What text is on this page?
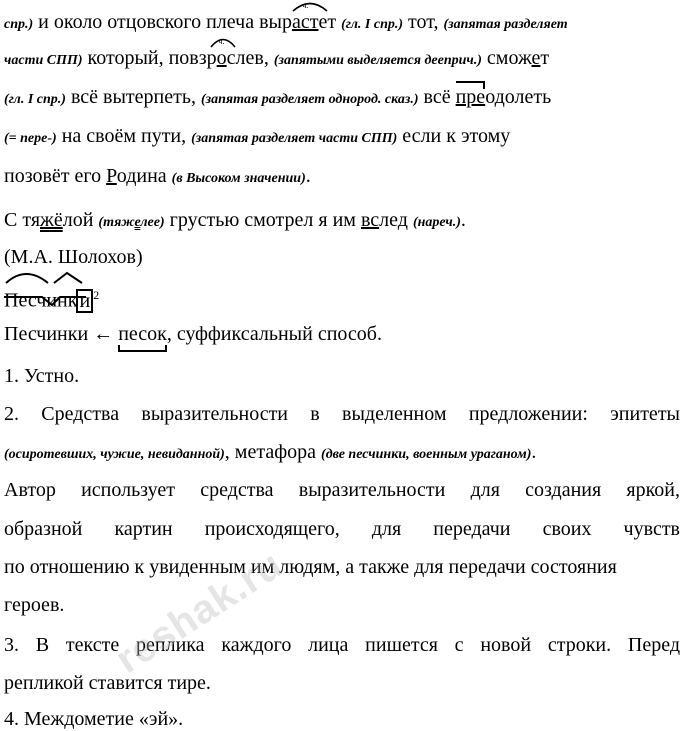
спр.) и около отцовского плеча выр
ч.
астет (гл. I спр.) тот, (запятая разделяет
части СПП) который, повзр
ч.
ослев, (запятыми выделяется дееприч.) сможет
(гл. I спр.) всё вытерпеть, (запятая разделяет однород. сказ.) всё преодолеть
(= пере-) на своём пути, (запятая разделяет части СПП) если к этому
позовёт его Родина (в Высоком значении).
С тяжёлой (тяжелее) грустью смотрел я им вслед (нареч.).
(М.А. Шолохов)
Песчинк и $^2$
Песчинки ← песок, суффиксальный способ.
1. Устно.
2. Средства выразительности в выделенном предложении: эпитеты
(осиротевших, чужие, невиданной), метафора (две песчинки, военным ураганом).
Автор использует средства выразительности для создания яркой,
образной картин происходящего, для передачи своих чувств
по отношению к увиденным им людям, а также для передачи состояния
героев.
3. В тексте реплика каждого лица пишется с новой строки. Перед
репликой ставится тире.
4. Междометие «эй».
reshak.ru
